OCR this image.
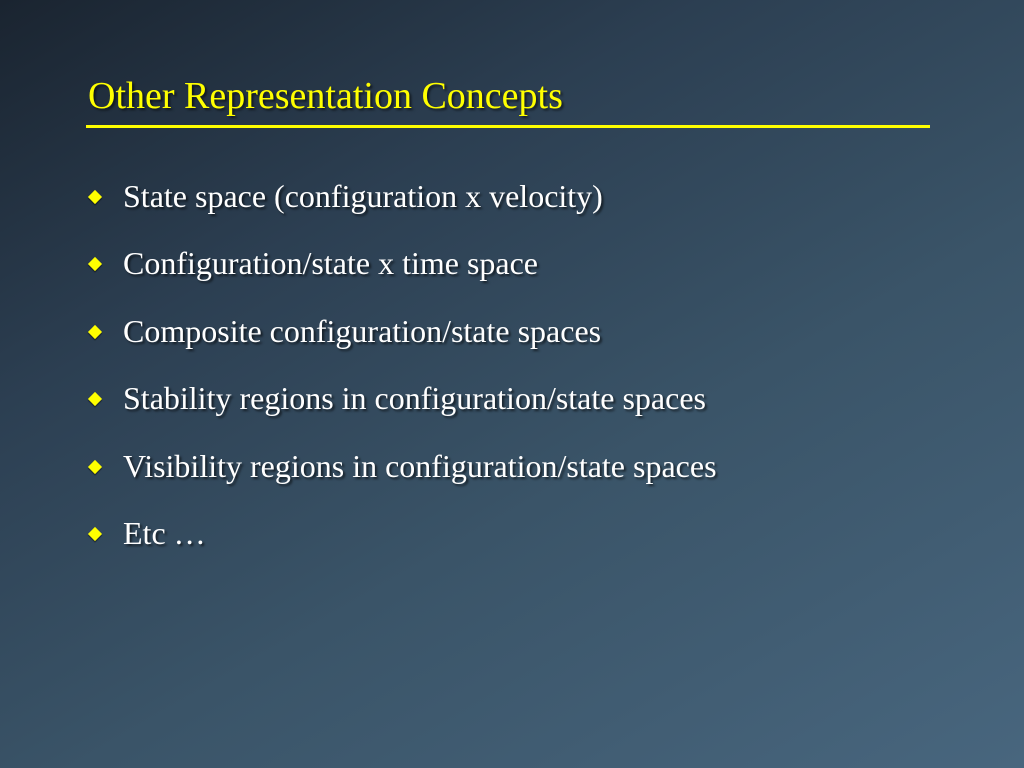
Other Representation Concepts
State space (configuration x velocity)
Configuration/state x time space
Composite configuration/state spaces
Stability regions in configuration/state spaces
Visibility regions in configuration/state spaces
Etc …
